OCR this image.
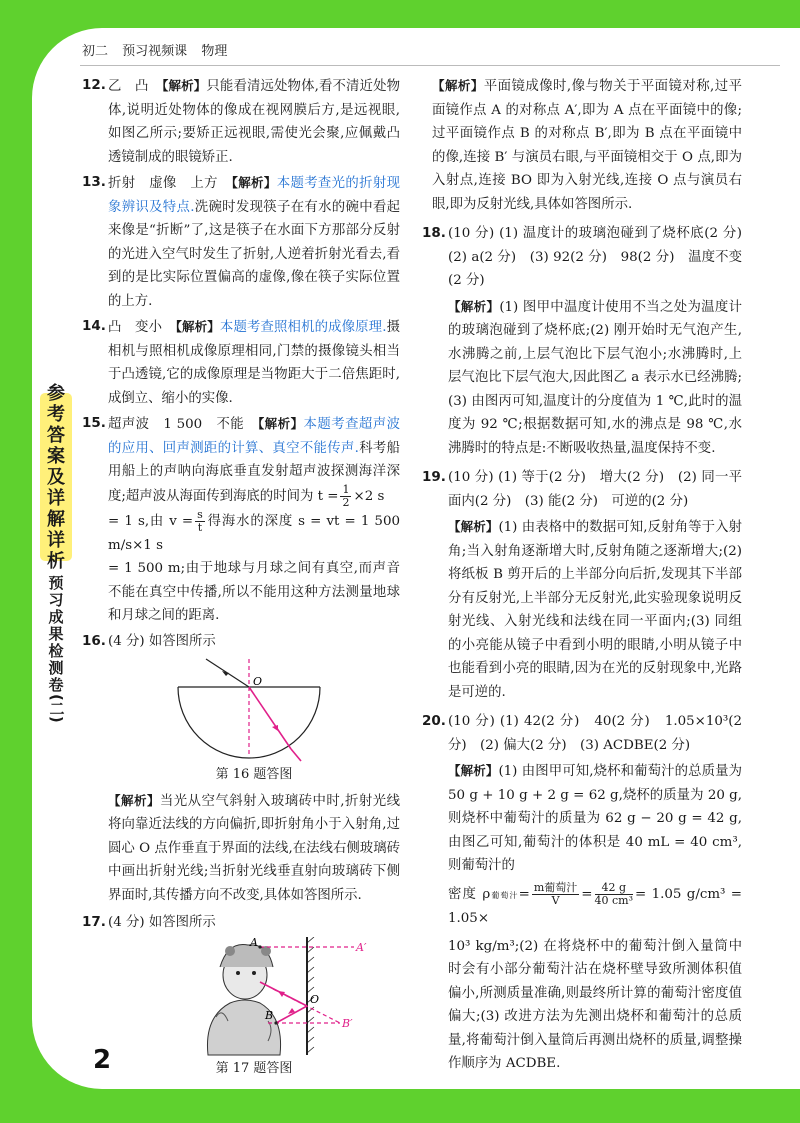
初二 预习视频课 物理
参
考
答
案
及
详
解
详
析
预
习
成
果
检
测
卷
(二)
12. 乙　凸　【解析】只能看清远处物体,看不清近处物体,说明近处物体的像成在视网膜后方,是远视眼,如图乙所示;要矫正远视眼,需使光会聚,应佩戴凸透镜制成的眼镜矫正.
13. 折射　虚像　上方　【解析】本题考查光的折射现象辨识及特点.洗碗时发现筷子在有水的碗中看起来像是“折断”了,这是筷子在水面下方那部分反射的光进入空气时发生了折射,人逆着折射光看去,看到的是比实际位置偏高的虚像,像在筷子实际位置的上方.
14. 凸　变小　【解析】本题考查照相机的成像原理.摄相机与照相机成像原理相同,门禁的摄像镜头相当于凸透镜,它的成像原理是当物距大于二倍焦距时,成倒立、缩小的实像.
15. 超声波　1 500　不能　【解析】本题考查超声波的应用、回声测距的计算、真空不能传声.科考船用船上的声呐向海底垂直发射超声波探测海洋深度;超声波从海面传到海底的时间为 $t = \frac{1}{2} \times 2$ s
= 1 s,由 $v = \frac{s}{t}$ 得海水的深度 s = vt = 1 500 m/s×1 s
= 1 500 m;由于地球与月球之间有真空,而声音不能在真空中传播,所以不能用这种方法测量地球和月球之间的距离.
16. (4 分) 如答图所示
O
第 16 题答图
【解析】当光从空气斜射入玻璃砖中时,折射光线将向靠近法线的方向偏折,即折射角小于入射角,过圆心 O 点作垂直于界面的法线,在法线右侧玻璃砖中画出折射光线;当折射光线垂直射向玻璃砖下侧界面时,其传播方向不改变,具体如答图所示.
17. (4 分) 如答图所示
A	A′
B
B′
O
第 17 题答图
【解析】平面镜成像时,像与物关于平面镜对称,过平面镜作点 A 的对称点 A′,即为 A 点在平面镜中的像;过平面镜作点 B 的对称点 B′,即为 B 点在平面镜中的像,连接 B′ 与演员右眼,与平面镜相交于 O 点,即为入射点,连接 BO 即为入射光线,连接 O 点与演员右眼,即为反射光线,具体如答图所示.
18. (10 分) (1) 温度计的玻璃泡碰到了烧杯底(2 分)　(2) a(2 分)　(3) 92(2 分)　98(2 分)　温度不变(2 分)
【解析】(1) 图甲中温度计使用不当之处为温度计的玻璃泡碰到了烧杯底;(2) 刚开始时无气泡产生,水沸腾之前,上层气泡比下层气泡小;水沸腾时,上层气泡比下层气泡大,因此图乙 a 表示水已经沸腾;(3) 由图丙可知,温度计的分度值为 1 ℃,此时的温度为 92 ℃;根据数据可知,水的沸点是 98 ℃,水沸腾时的特点是:不断吸收热量,温度保持不变.
19. (10 分) (1) 等于(2 分)　增大(2 分)　(2) 同一平面内(2 分)　(3) 能(2 分)　可逆的(2 分)
【解析】(1) 由表格中的数据可知,反射角等于入射角;当入射角逐渐增大时,反射角随之逐渐增大;(2) 将纸板 B 剪开后的上半部分向后折,发现其下半部分有反射光,上半部分无反射光,此实验现象说明反射光线、入射光线和法线在同一平面内;(3) 同组的小亮能从镜子中看到小明的眼睛,小明从镜子中也能看到小亮的眼睛,因为在光的反射现象中,光路是可逆的.
20. (10 分) (1) 42(2 分)　40(2 分)　1.05×10³(2 分)　(2) 偏大(2 分)　(3) ACDBE(2 分)
【解析】(1) 由图甲可知,烧杯和葡萄汁的总质量为 50 g + 10 g + 2 g = 62 g,烧杯的质量为 20 g,则烧杯中葡萄汁的质量为 62 g − 20 g = 42 g,由图乙可知,葡萄汁的体积是 40 mL = 40 cm³,则葡萄汁的
密度 ρ葡萄汁= $\frac{\text{m葡萄汁}}{V} = \frac{42 g}{\text{40 cm³}} = 1.05$ g/cm³ = 1.05×
10³ kg/m³;(2) 在将烧杯中的葡萄汁倒入量筒中时会有小部分葡萄汁沾在烧杯壁导致所测体积值偏小,所测质量准确,则最终所计算的葡萄汁密度值偏大;(3) 改进方法为先测出烧杯和葡萄汁的总质量,将葡萄汁倒入量筒后再测出烧杯的质量,调整操作顺序为 ACDBE.
2
